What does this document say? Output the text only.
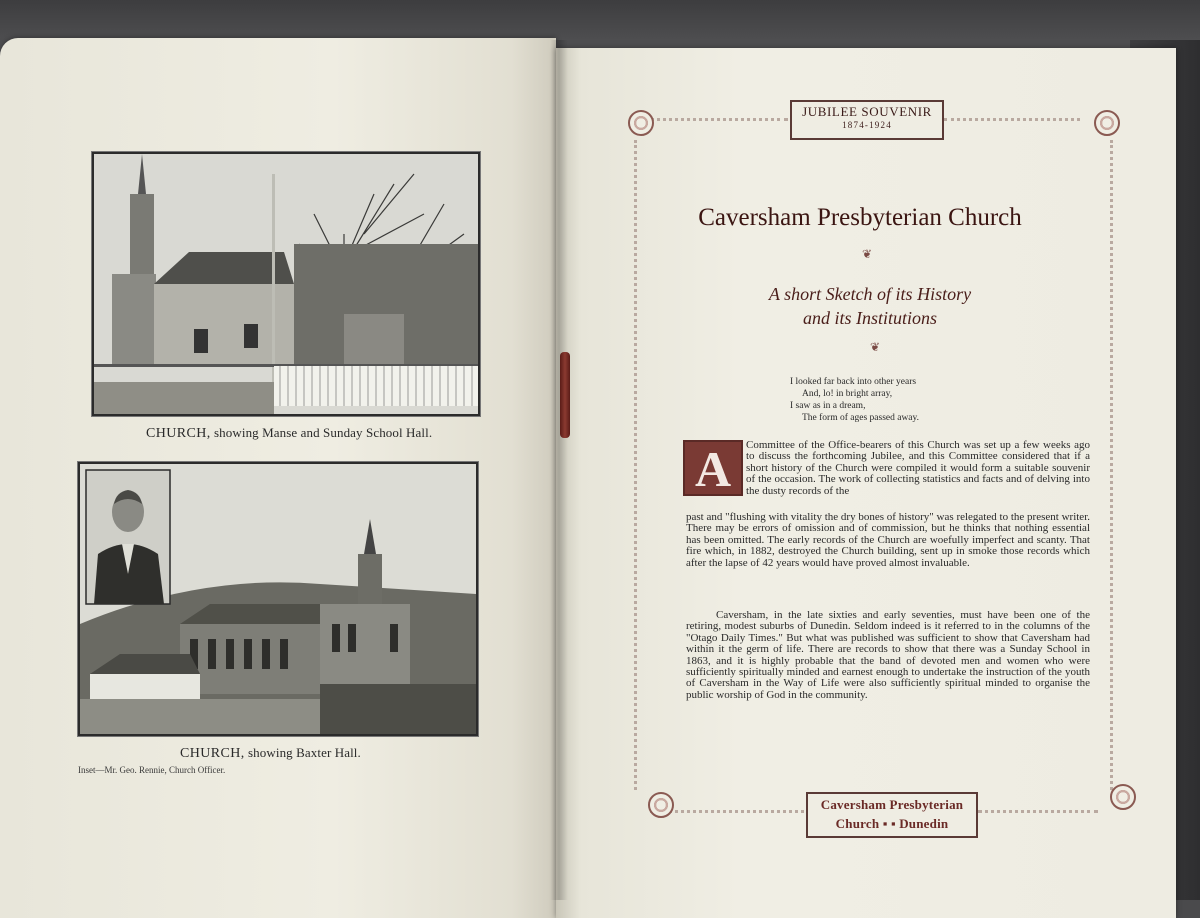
CHURCH, showing Manse and Sunday School Hall.
CHURCH, showing Baxter Hall.
Inset—Mr. Geo. Rennie, Church Officer.
JUBILEE SOUVENIR
1874-1924
Caversham Presbyterian Church
❦
A short Sketch of its History
and its Institutions
❦
I looked far back into other years
And, lo! in bright array,
I saw as in a dream,
The form of ages passed away.
A	Committee of the Office-bearers of this Church was set up a few weeks ago to discuss the forthcoming Jubilee, and this Committee considered that if a short history of the Church were compiled it would form a suitable souvenir of the occasion. The work of collecting statistics and facts and of delving into the dusty records of the
past and "flushing with vitality the dry bones of history" was relegated to the present writer. There may be errors of omission and of commission, but he thinks that nothing essential has been omitted. The early records of the Church are woefully imperfect and scanty. That fire which, in 1882, destroyed the Church building, sent up in smoke those records which after the lapse of 42 years would have proved almost invaluable.
Caversham, in the late sixties and early seventies, must have been one of the retiring, modest suburbs of Dunedin. Seldom indeed is it referred to in the columns of the "Otago Daily Times." But what was published was sufficient to show that Caversham had within it the germ of life. There are records to show that there was a Sunday School in 1863, and it is highly probable that the band of devoted men and women who were sufficiently spiritually minded and earnest enough to undertake the instruction of the youth of Caversham in the Way of Life were also sufficiently spiritual minded to organise the public worship of God in the community.
Caversham Presbyterian
Church ▪ ▪ Dunedin
